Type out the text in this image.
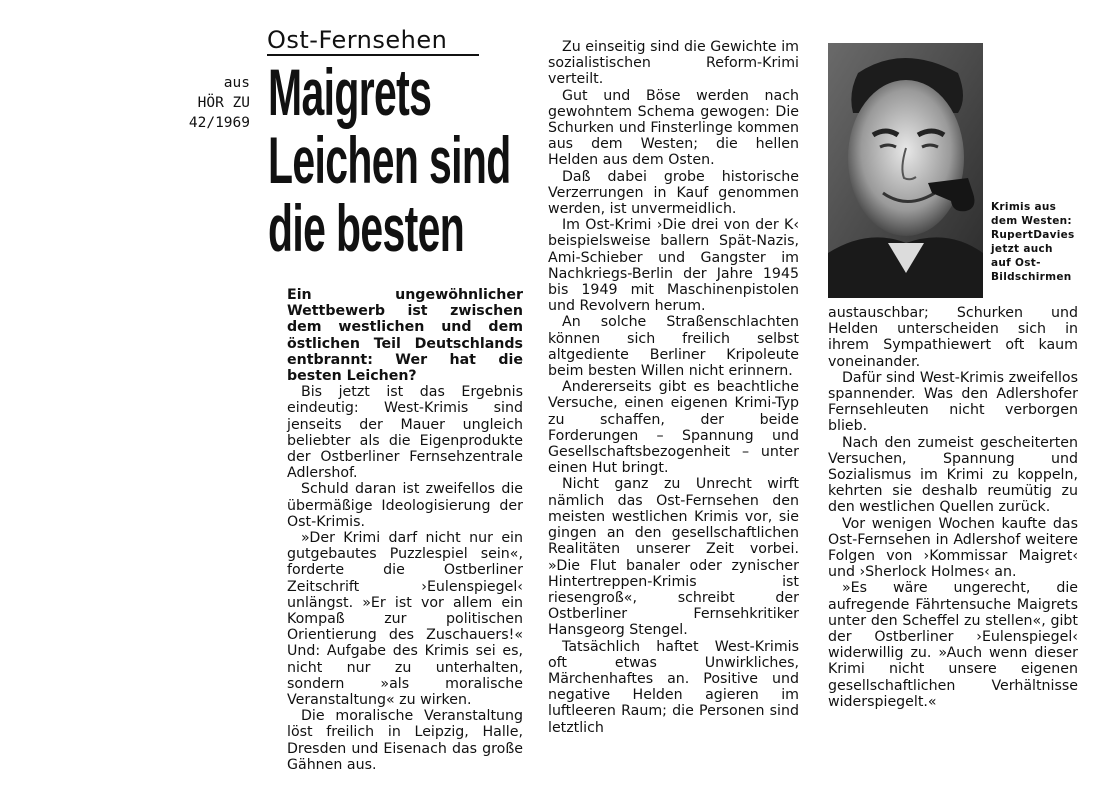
aus
HÖR ZU
42/1969
Ost-Fernsehen
Maigrets
Leichen sind
die besten

Ein ungewöhnlicher Wettbewerb ist zwischen dem westlichen und dem östlichen Teil Deutschlands entbrannt: Wer hat die besten Leichen?

Bis jetzt ist das Ergebnis eindeutig: West-Krimis sind jenseits der Mauer ungleich beliebter als die Eigenprodukte der Ostberliner Fernsehzentrale Adlershof.

Schuld daran ist zweifellos die übermäßige Ideologisierung der Ost-Krimis.

»Der Krimi darf nicht nur ein gutgebautes Puzzlespiel sein«, forderte die Ostberliner Zeitschrift ›Eulenspiegel‹ unlängst. »Er ist vor allem ein Kompaß zur politischen Orientierung des Zuschauers!« Und: Aufgabe des Krimis sei es, nicht nur zu unterhalten, sondern »als moralische Veranstaltung« zu wirken.

Die moralische Veranstaltung löst freilich in Leipzig, Halle, Dresden und Eisenach das große Gähnen aus.

Zu einseitig sind die Gewichte im sozialistischen Reform-Krimi verteilt.

Gut und Böse werden nach gewohntem Schema gewogen: Die Schurken und Finsterlinge kommen aus dem Westen; die hellen Helden aus dem Osten.

Daß dabei grobe historische Verzerrungen in Kauf genommen werden, ist unvermeidlich.

Im Ost-Krimi ›Die drei von der K‹ beispielsweise ballern Spät-Nazis, Ami-Schieber und Gangster im Nachkriegs-Berlin der Jahre 1945 bis 1949 mit Maschinenpistolen und Revolvern herum.

An solche Straßenschlachten können sich freilich selbst altgediente Berliner Kripoleute beim besten Willen nicht erinnern.

Andererseits gibt es beachtliche Versuche, einen eigenen Krimi-Typ zu schaffen, der beide Forderungen – Spannung und Gesellschaftsbezogenheit – unter einen Hut bringt.

Nicht ganz zu Unrecht wirft nämlich das Ost-Fernsehen den meisten westlichen Krimis vor, sie gingen an den gesellschaftlichen Realitäten unserer Zeit vorbei. »Die Flut banaler oder zynischer Hintertreppen-Krimis ist riesengroß«, schreibt der Ostberliner Fernsehkritiker Hansgeorg Stengel.

Tatsächlich haftet West-Krimis oft etwas Unwirkliches, Märchenhaftes an. Positive und negative Helden agieren im luftleeren Raum; die Personen sind letztlich

Krimis aus
dem Westen:
RupertDavies
jetzt auch
auf Ost-
Bildschirmen

austauschbar; Schurken und Helden unterscheiden sich in ihrem Sympathiewert oft kaum voneinander.

Dafür sind West-Krimis zweifellos spannender. Was den Adlershofer Fernsehleuten nicht verborgen blieb.

Nach den zumeist gescheiterten Versuchen, Spannung und Sozialismus im Krimi zu koppeln, kehrten sie deshalb reumütig zu den westlichen Quellen zurück.

Vor wenigen Wochen kaufte das Ost-Fernsehen in Adlershof weitere Folgen von ›Kommissar Maigret‹ und ›Sherlock Holmes‹ an.

»Es wäre ungerecht, die aufregende Fährtensuche Maigrets unter den Scheffel zu stellen«, gibt der Ostberliner ›Eulenspiegel‹ widerwillig zu. »Auch wenn dieser Krimi nicht unsere eigenen gesellschaftlichen Verhältnisse widerspiegelt.«
